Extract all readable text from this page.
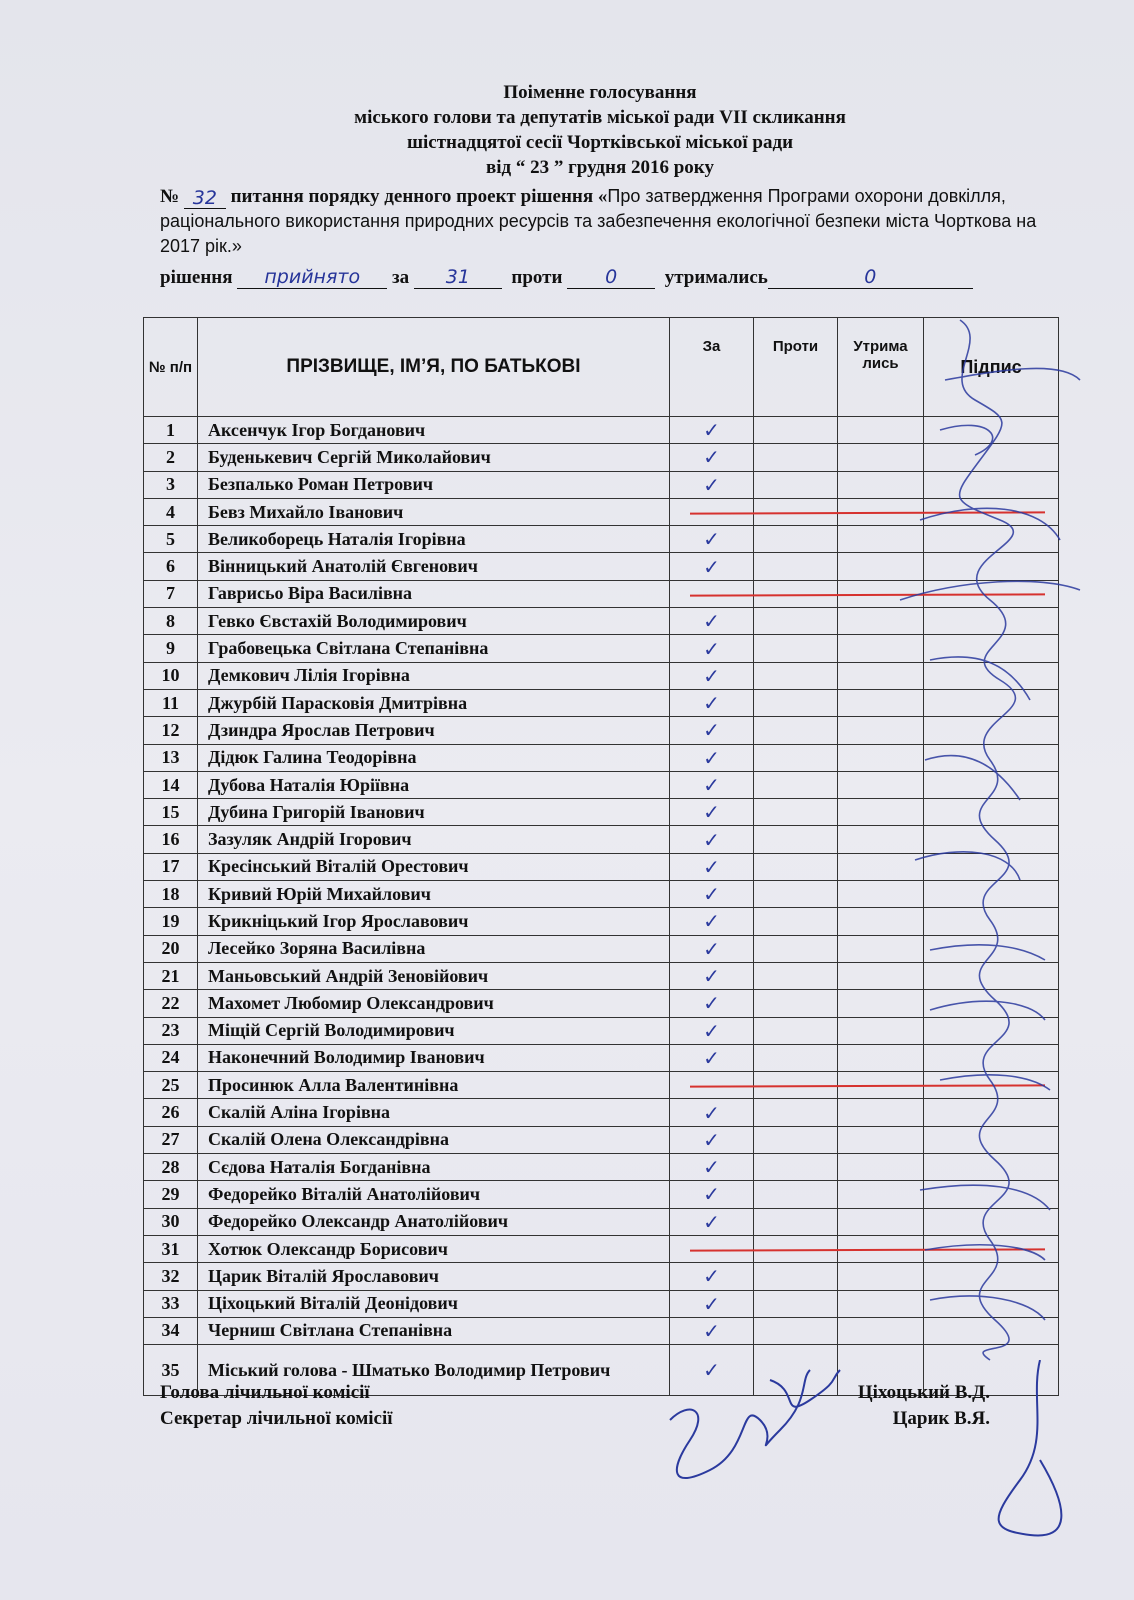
Поіменне голосування
міського голови та депутатів міської ради VII скликання
шістнадцятої сесії Чортківської міської ради
від “ 23 ” грудня 2016 року
№ 32 питання порядку денного проект рішення «Про затвердження Програми охорони довкілля, раціонального використання природних ресурсів та забезпечення екологічної безпеки міста Чорткова на 2017 рік.»
рішення прийнято за 31 проти 0 утримались	0
№ п/п	ПРІЗВИЩЕ, ІМ’Я, ПО БАТЬКОВІ	За	Проти	Утрима лись	Підпис
1	Аксенчук Ігор Богданович	✓			
2	Буденькевич Сергій Миколайович	✓			
3	Безпалько Роман Петрович	✓			
4	Бевз Михайло Іванович				
5	Великоборець Наталія Ігорівна	✓			
6	Вінницький Анатолій Євгенович	✓			
7	Гаврисьо Віра Василівна				
8	Гевко Євстахій Володимирович	✓			
9	Грабовецька Світлана Степанівна	✓			
10	Демкович Лілія Ігорівна	✓			
11	Джурбій Парасковія Дмитрівна	✓			
12	Дзиндра Ярослав Петрович	✓			
13	Дідюк Галина Теодорівна	✓			
14	Дубова Наталія Юріївна	✓			
15	Дубина Григорій Іванович	✓			
16	Зазуляк Андрій Ігорович	✓			
17	Кресінський Віталій Орестович	✓			
18	Кривий Юрій Михайлович	✓			
19	Крикніцький Ігор Ярославович	✓			
20	Лесейко Зоряна Василівна	✓			
21	Маньовський Андрій Зеновійович	✓			
22	Махомет Любомир Олександрович	✓			
23	Міщій Сергій Володимирович	✓			
24	Наконечний Володимир Іванович	✓			
25	Просинюк Алла Валентинівна				
26	Скалій Аліна Ігорівна	✓			
27	Скалій Олена Олександрівна	✓			
28	Сєдова Наталія Богданівна	✓			
29	Федорейко Віталій Анатолійович	✓			
30	Федорейко Олександр Анатолійович	✓			
31	Хотюк Олександр Борисович				
32	Царик Віталій Ярославович	✓			
33	Ціхоцький Віталій Деонідович	✓			
34	Черниш Світлана Степанівна	✓			
35	Міський голова - Шматько Володимир Петрович	✓			
Голова лічильної комісії	Ціхоцький В.Д.
Секретар лічильної комісії	Царик В.Я.
